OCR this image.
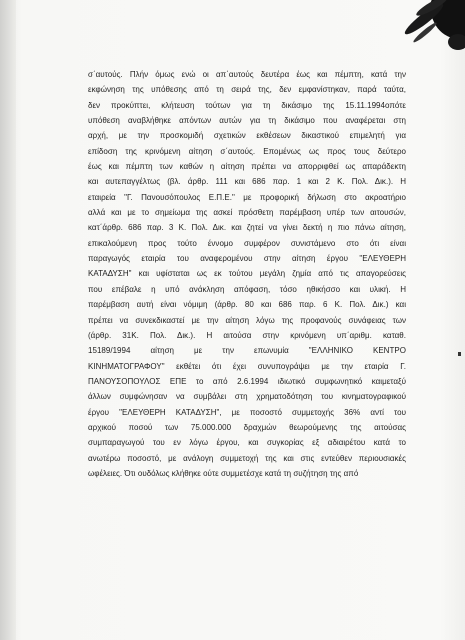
σ΄αυτούς. Πλήν όμως ενώ οι απ΄αυτούς δευτέρα έως και πέμπτη, κατά την
εκφώνηση της υπόθεσης από τη σειρά της, δεν εμφανίστηκαν, παρά ταύτα,
δεν προκύπτει, κλήτευση τούτων για τη δικάσιμο της 15.11.1994οπότε
υπόθεση αναβλήθηκε απόντων αυτών για τη δικάσιμο που αναφέρεται στη
αρχή, με την προσκομιδή σχετικών εκθέσεων δικαστικού επιμελητή για
επίδοση της κρινόμενη αίτηση σ΄αυτούς. Επομένως ως προς τους δεύτερο
έως και πέμπτη των καθών η αίτηση πρέπει να απορριφθεί ως απαράδεκτη
και αυτεπαγγέλτως (βλ. άρθρ. 111 και 686 παρ. 1 και 2 Κ. Πολ. Δικ.). Η
εταιρεία "Γ. Πανουσόπουλος Ε.Π.Ε." με προφορική δήλωση στο ακροατήριο
αλλά και με το σημείωμα της ασκεί πρόσθετη παρέμβαση υπέρ των αιτουσών,
κατ΄άρθρ. 686 παρ. 3 Κ. Πολ. Δικ. και ζητεί να γίνει δεκτή η πιο πάνω αίτηση,
επικαλούμενη προς τούτο έννομο συμφέρον συνιστάμενο στο ότι είναι
παραγωγός εταιρία του αναφερομένου στην αίτηση έργου "ΕΛΕΥΘΕΡΗ
ΚΑΤΑΔΥΣΗ" και υφίσταται ως εκ τούτου μεγάλη ζημία από τις απαγορεύσεις
που επέβαλε η υπό ανάκληση απόφαση, τόσο ηθικήσσο και υλική. Η
παρέμβαση αυτή είναι νόμιμη (άρθρ. 80 και 686 παρ. 6 Κ. Πολ. Δικ.) και
πρέπει να συνεκδικαστεί με την αίτηση λόγω της προφανούς συνάφειας των
(άρθρ. 31Κ. Πολ. Δικ.). Η αιτούσα στην κρινόμενη υπ΄αριθμ. καταθ.
15189/1994 αίτηση με την επωνυμία "ΕΛΛΗΝΙΚΟ ΚΕΝΤΡΟ
ΚΙΝΗΜΑΤΟΓΡΑΦΟΥ" εκθέτει ότι έχει συνυπογράψει με την εταιρία Γ.
ΠΑΝΟΥΣΟΠΟΥΛΟΣ ΕΠΕ το από 2.6.1994 ιδιωτικό συμφωνητικό καιμεταξύ
άλλων συμφώνησαν να συμβάλει στη χρηματοδότηση του κινηματογραφικού
έργου "ΕΛΕΥΘΕΡΗ ΚΑΤΑΔΥΣΗ", με ποσοστό συμμετοχής 36% αντί του
αρχικού ποσού των 75.000.000 δραχμών θεωρούμενης της αιτούσας
συμπαραγωγού του εν λόγω έργου, και συγκορίας εξ αδιαιρέτου κατά το
ανωτέρω ποσοστό, με ανάλογη συμμετοχή της και στις εντεύθεν περιουσιακές
ωφέλειες. Ότι ουδόλως κλήθηκε ούτε συμμετέσχε κατά τη συζήτηση της από
